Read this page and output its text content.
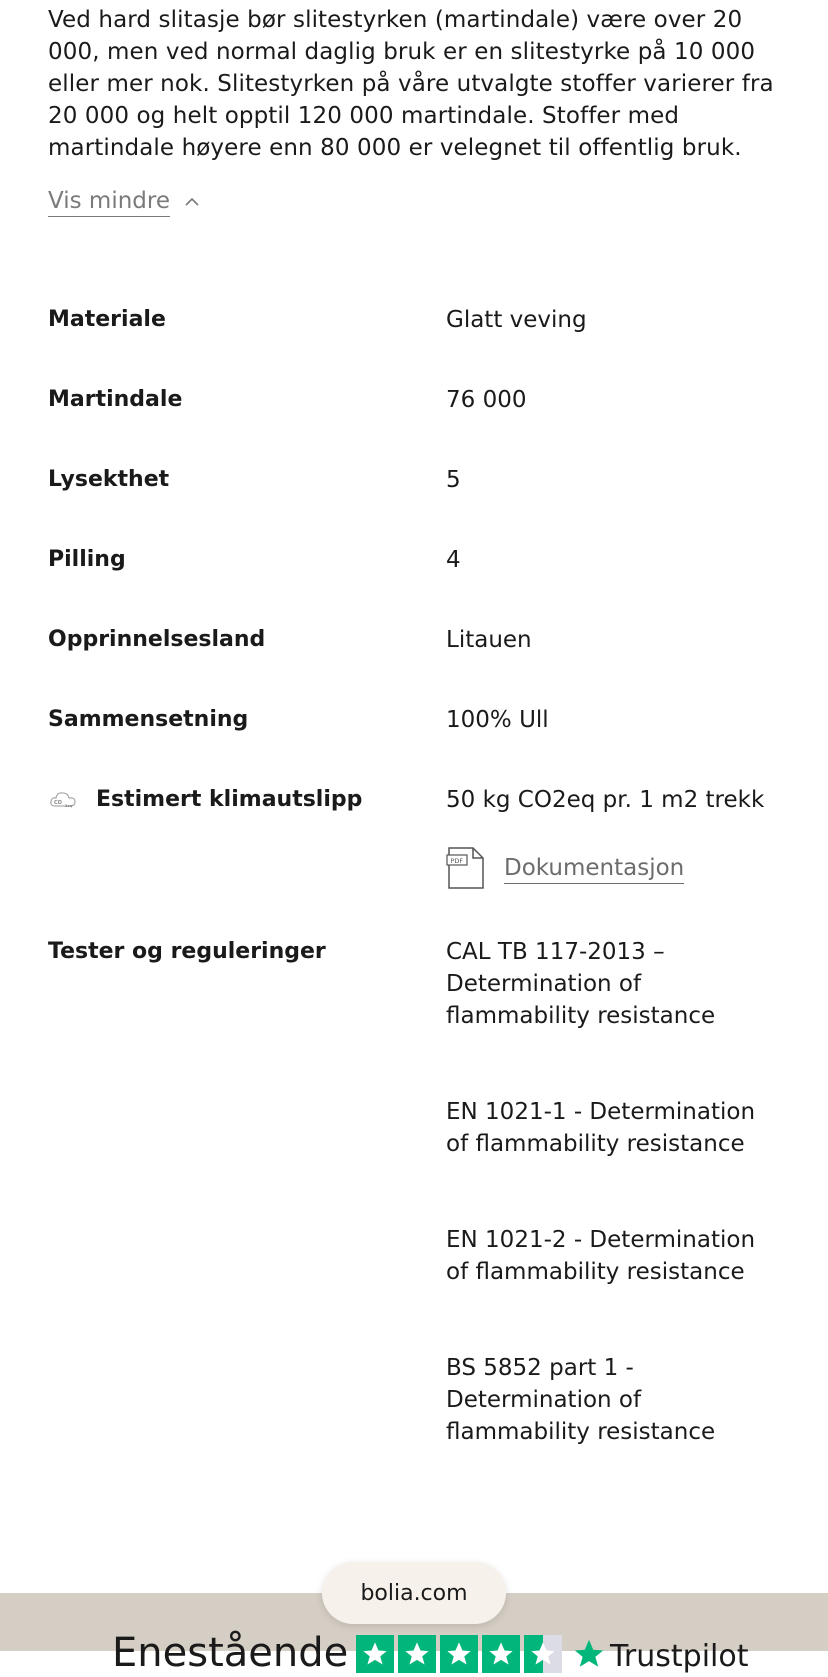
Ved hard slitasje bør slitestyrken (martindale) være over 20 000, men ved normal daglig bruk er en slitestyrke på 10 000 eller mer nok. Slitestyrken på våre utvalgte stoffer varierer fra 20 000 og helt opptil 120 000 martindale. Stoffer med martindale høyere enn 80 000 er velegnet til offentlig bruk.

Vis mindre
Materiale	Glatt veving
Martindale	76 000
Lysekthet	5
Pilling	4
Opprinnelsesland	Litauen
Sammensetning	100% Ull
CO 2eq Estimert klimautslipp	50 kg CO2eq pr. 1 m2 trekk
PDF Dokumentasjon
Tester og reguleringer	CAL TB 117-2013 – Determination of flammability resistance
EN 1021-1 - Determination of flammability resistance
EN 1021-2 - Determination of flammability resistance
BS 5852 part 1 - Determination of flammability resistance
Enestående	Trustpilot
bolia.com
